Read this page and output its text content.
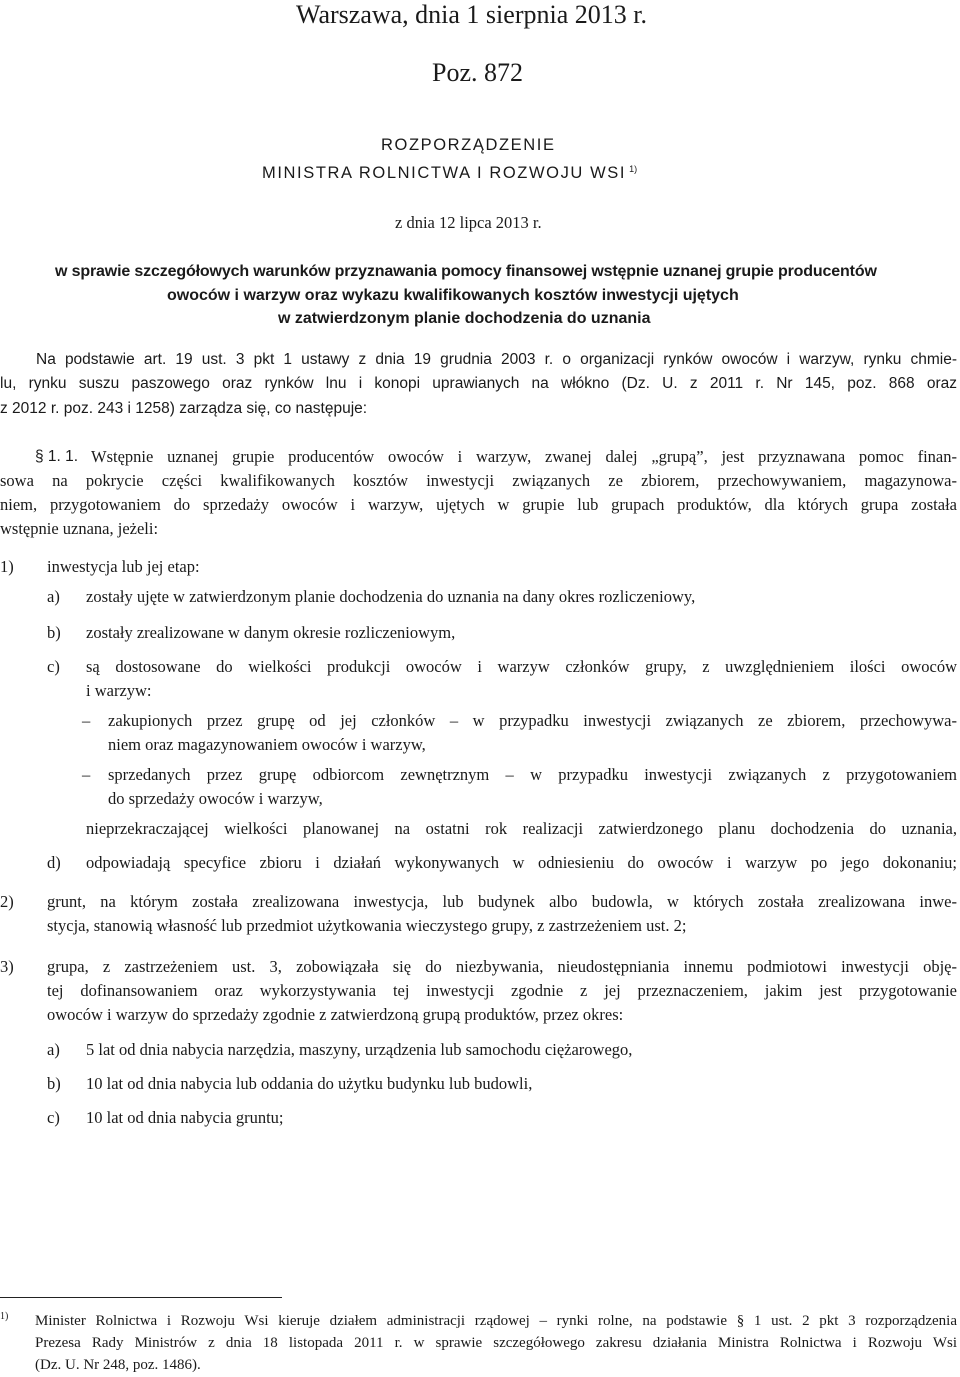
Warszawa, dnia 1 sierpnia 2013 r.
Poz. 872
ROZPORZĄDZENIE
MINISTRA ROLNICTWA I ROZWOJU WSI $^{1)}$
z dnia 12 lipca 2013 r.
w sprawie szczegółowych warunków przyznawania pomocy finansowej wstępnie uznanej grupie producentów
owoców i warzyw oraz wykazu kwalifikowanych kosztów inwestycji ujętych
w zatwierdzonym planie dochodzenia do uznania
Na podstawie art. 19 ust. 3 pkt 1 ustawy z dnia 19 grudnia 2003 r. o organizacji rynków owoców i warzyw, rynku chmie-
lu, rynku suszu paszowego oraz rynków lnu i konopi uprawianych na włókno (Dz. U. z 2011 r. Nr 145, poz. 868 oraz
z 2012 r. poz. 243 i 1258) zarządza się, co następuje:
§ 1. 1. Wstępnie uznanej grupie producentów owoców i warzyw, zwanej dalej „grupą”, jest przyznawana pomoc finan-
sowa na pokrycie części kwalifikowanych kosztów inwestycji związanych ze zbiorem, przechowywaniem, magazynowa-
niem, przygotowaniem do sprzedaży owoców i warzyw, ujętych w grupie lub grupach produktów, dla których grupa została
wstępnie uznana, jeżeli:
1) inwestycja lub jej etap:
a) zostały ujęte w zatwierdzonym planie dochodzenia do uznania na dany okres rozliczeniowy,
b) zostały zrealizowane w danym okresie rozliczeniowym,
c) są dostosowane do wielkości produkcji owoców i warzyw członków grupy, z uwzględnieniem ilości owoców
i warzyw:
– zakupionych przez grupę od jej członków – w przypadku inwestycji związanych ze zbiorem, przechowywa-
niem oraz magazynowaniem owoców i warzyw,
– sprzedanych przez grupę odbiorcom zewnętrznym – w przypadku inwestycji związanych z przygotowaniem
do sprzedaży owoców i warzyw,
nieprzekraczającej wielkości planowanej na ostatni rok realizacji zatwierdzonego planu dochodzenia do uznania,
d) odpowiadają specyfice zbioru i działań wykonywanych w odniesieniu do owoców i warzyw po jego dokonaniu;
2) grunt, na którym została zrealizowana inwestycja, lub budynek albo budowla, w których została zrealizowana inwe-
stycja, stanowią własność lub przedmiot użytkowania wieczystego grupy, z zastrzeżeniem ust. 2;
3) grupa, z zastrzeżeniem ust. 3, zobowiązała się do niezbywania, nieudostępniania innemu podmiotowi inwestycji obję-
tej dofinansowaniem oraz wykorzystywania tej inwestycji zgodnie z jej przeznaczeniem, jakim jest przygotowanie
owoców i warzyw do sprzedaży zgodnie z zatwierdzoną grupą produktów, przez okres:
a) 5 lat od dnia nabycia narzędzia, maszyny, urządzenia lub samochodu ciężarowego,
b) 10 lat od dnia nabycia lub oddania do użytku budynku lub budowli,
c) 10 lat od dnia nabycia gruntu;
1) Minister Rolnictwa i Rozwoju Wsi kieruje działem administracji rządowej – rynki rolne, na podstawie § 1 ust. 2 pkt 3 rozporządzenia
Prezesa Rady Ministrów z dnia 18 listopada 2011 r. w sprawie szczegółowego zakresu działania Ministra Rolnictwa i Rozwoju Wsi
(Dz. U. Nr 248, poz. 1486).
